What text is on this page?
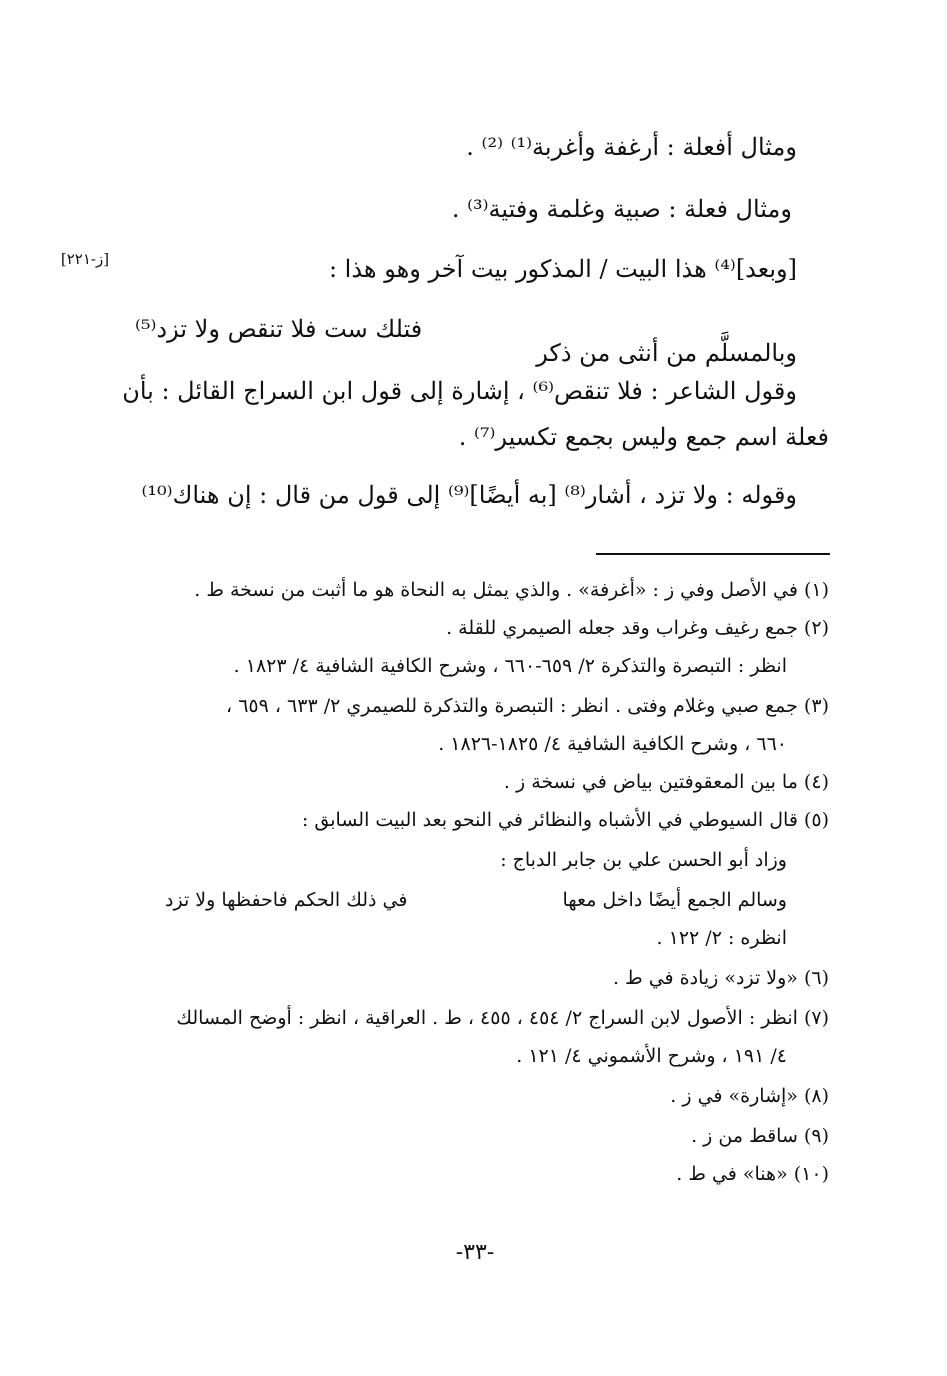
ومثال أفعلة : أرغفة وأغربة⁽¹⁾ ⁽²⁾ .

ومثال فعلة : صبية وغلمة وفتية⁽³⁾ .

[وبعد]⁽⁴⁾ هذا البيت / المذكور بيت آخر وهو هذا :

[ز-٢٢١]

وبالمسلَّم من أنثى من ذكر

فتلك ست فلا تنقص ولا تزد⁽⁵⁾

وقول الشاعر : فلا تنقص⁽⁶⁾ ، إشارة إلى قول ابن السراج القائل : بأن

فعلة اسم جمع وليس بجمع تكسير⁽⁷⁾ .

وقوله : ولا تزد ، أشار⁽⁸⁾ [به أيضًا]⁽⁹⁾ إلى قول من قال : إن هناك⁽¹⁰⁾

(١) في الأصل وفي ز : «أغرفة» . والذي يمثل به النحاة هو ما أثبت من نسخة ط .

(٢) جمع رغيف وغراب وقد جعله الصيمري للقلة .

انظر : التبصرة والتذكرة ٢/ ٦٥٩-٦٦٠ ، وشرح الكافية الشافية ٤/ ١٨٢٣ .

(٣) جمع صبي وغلام وفتى . انظر : التبصرة والتذكرة للصيمري ٢/ ٦٣٣ ، ٦٥٩ ،

٦٦٠ ، وشرح الكافية الشافية ٤/ ١٨٢٥-١٨٢٦ .

(٤) ما بين المعقوفتين بياض في نسخة ز .

(٥) قال السيوطي في الأشباه والنظائر في النحو بعد البيت السابق :

وزاد أبو الحسن علي بن جابر الدباج :

وسالم الجمع أيضًا داخل معها

في ذلك الحكم فاحفظها ولا تزد

انظره : ٢/ ١٢٢ .

(٦) «ولا تزد» زيادة في ط .

(٧) انظر : الأصول لابن السراج ٢/ ٤٥٤ ، ٤٥٥ ، ط . العراقية ، انظر : أوضح المسالك

٤/ ١٩١ ، وشرح الأشموني ٤/ ١٢١ .

(٨) «إشارة» في ز .

(٩) ساقط من ز .

(١٠) «هنا» في ط .

-٣٣-
